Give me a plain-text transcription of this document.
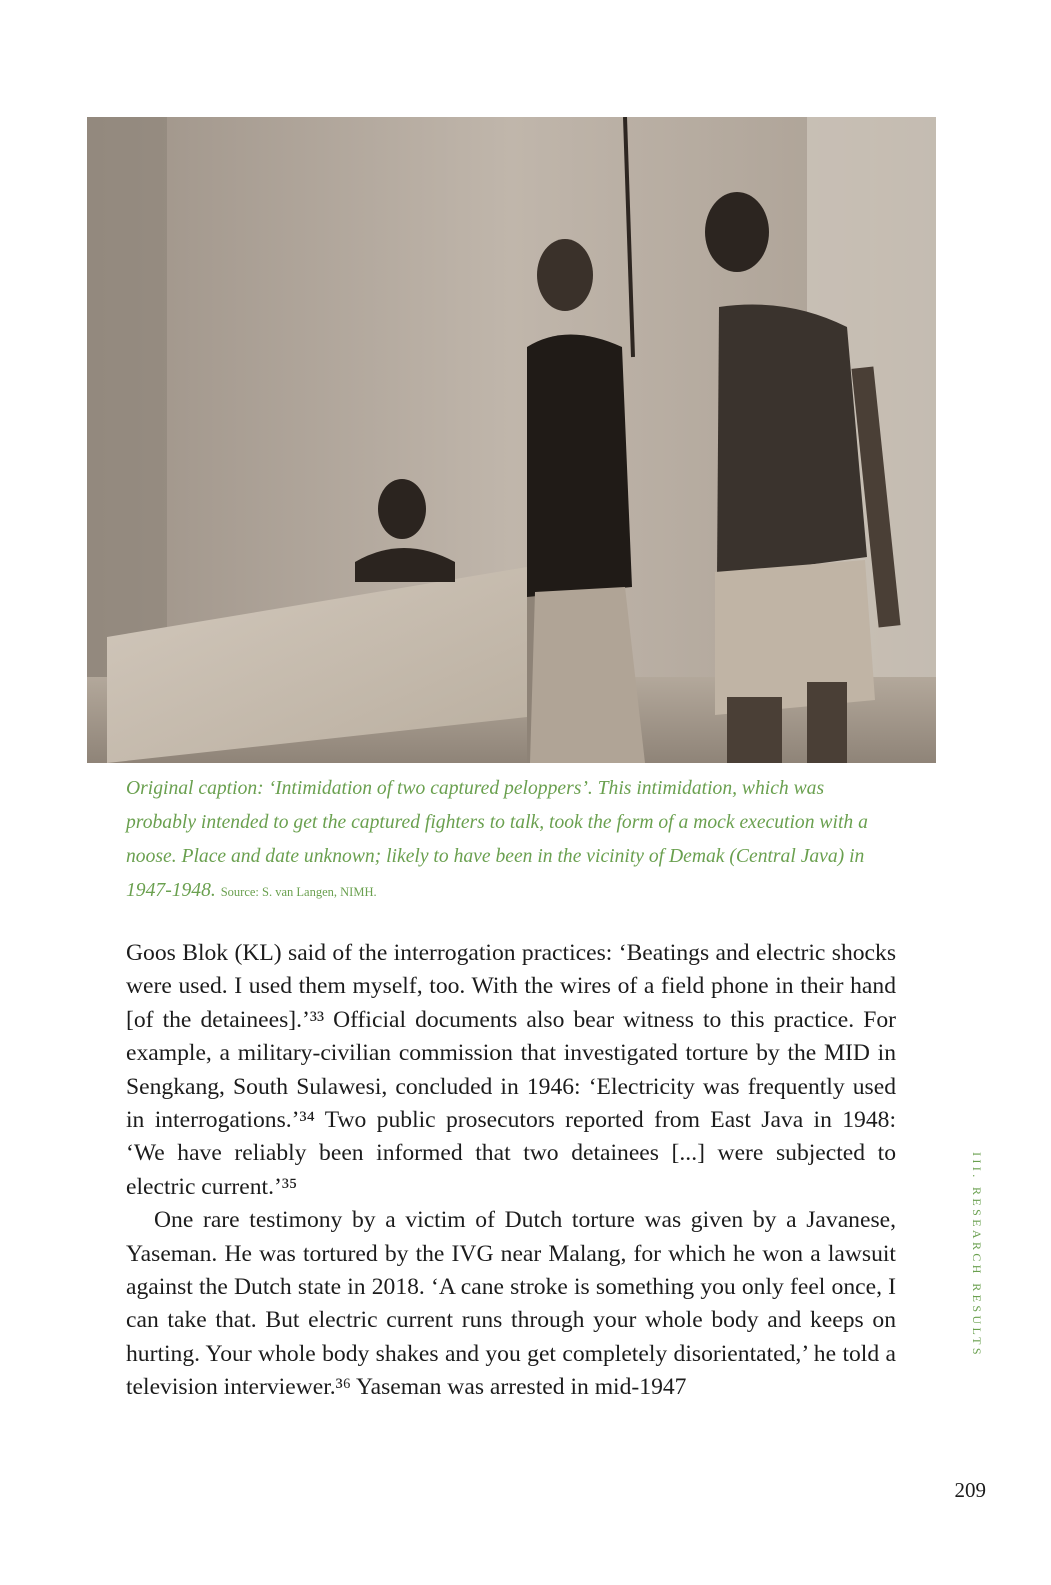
Original caption: ‘Intimidation of two captured peloppers’. This intimidation, which was probably intended to get the captured fighters to talk, took the form of a mock execution with a noose. Place and date unknown; likely to have been in the vicinity of Demak (Central Java) in 1947-1948. Source: S. van Langen, NIMH.

Goos Blok (KL) said of the interrogation practices: ‘Beatings and electric shocks were used. I used them myself, too. With the wires of a field phone in their hand [of the detainees].’³³ Official documents also bear witness to this practice. For example, a military-civilian commission that investigated torture by the MID in Sengkang, South Sulawesi, concluded in 1946: ‘Electricity was frequently used in interrogations.’³⁴ Two public prosecutors reported from East Java in 1948: ‘We have reliably been informed that two detainees [...] were subjected to electric current.’³⁵

One rare testimony by a victim of Dutch torture was given by a Javanese, Yaseman. He was tortured by the IVG near Malang, for which he won a lawsuit against the Dutch state in 2018. ‘A cane stroke is something you only feel once, I can take that. But electric current runs through your whole body and keeps on hurting. Your whole body shakes and you get completely disorientated,’ he told a television interviewer.³⁶ Yaseman was arrested in mid-1947

III. RESEARCH RESULTS
209
